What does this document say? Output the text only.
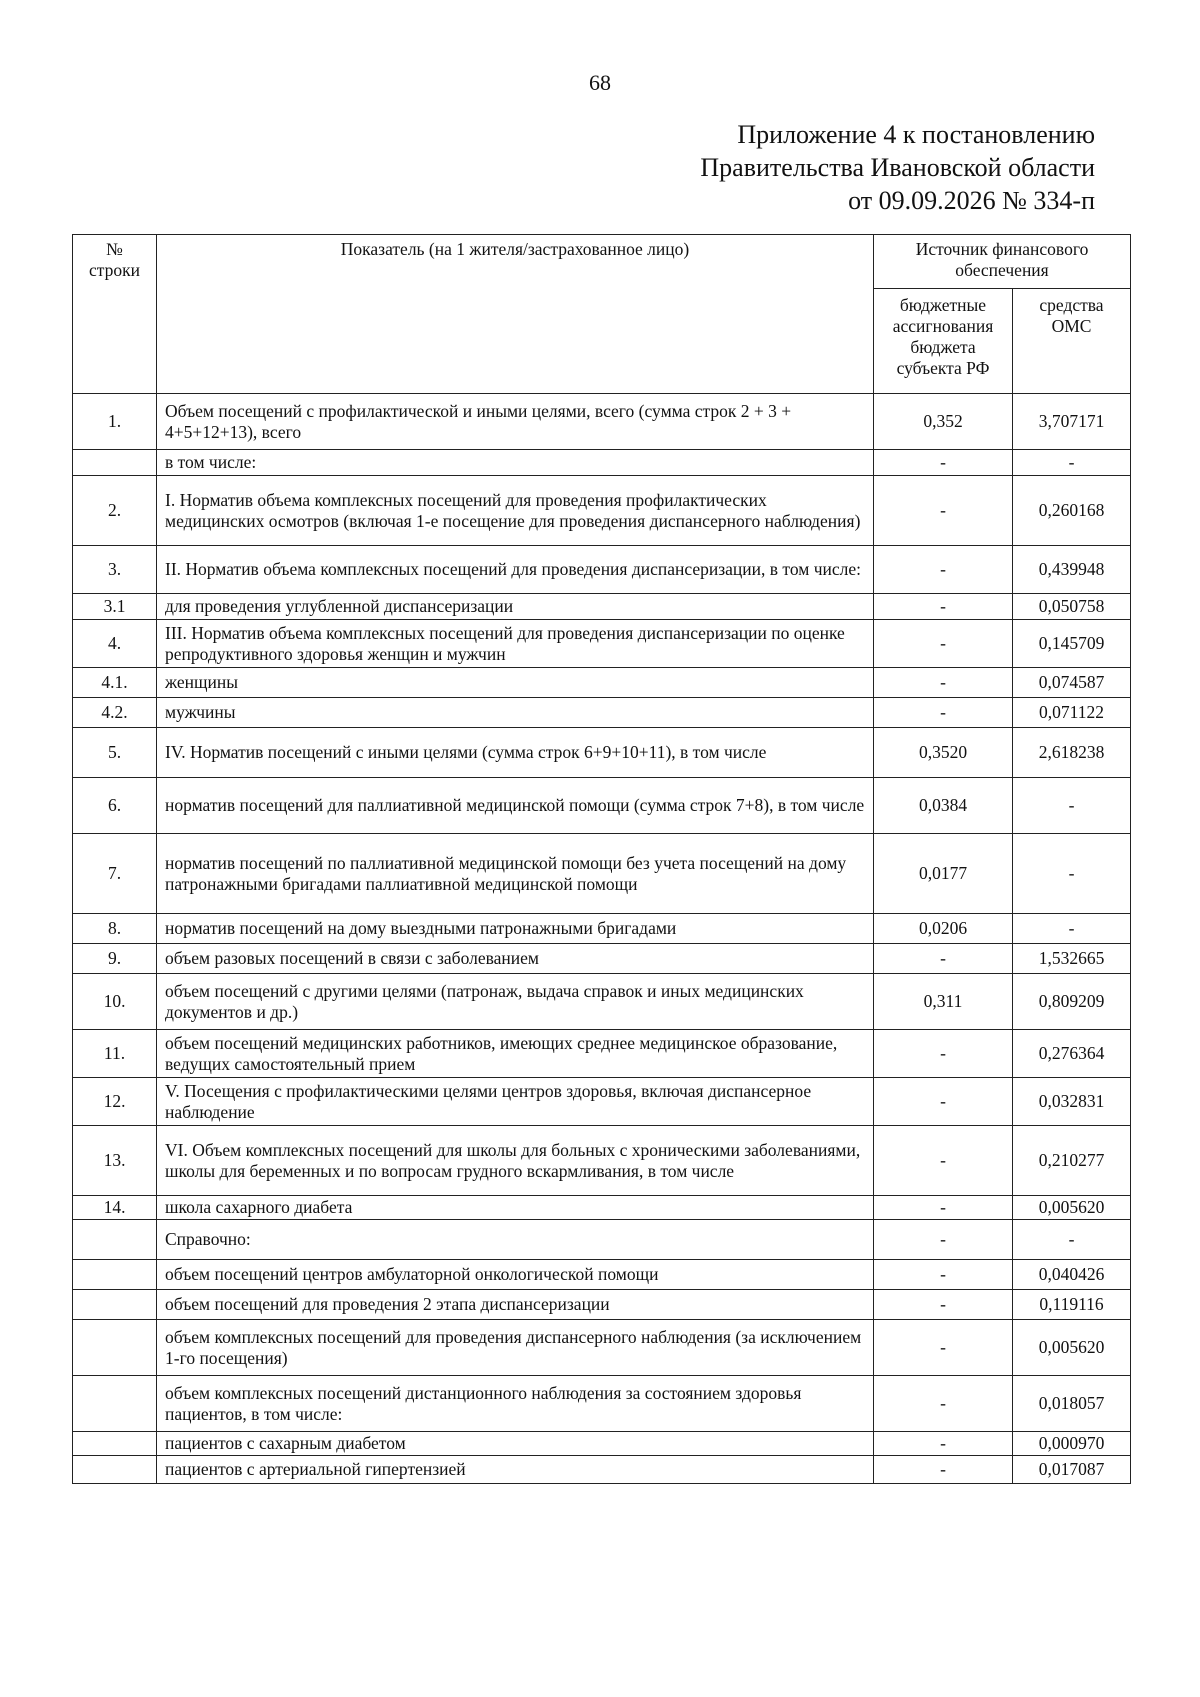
68
Приложение 4 к постановлению
Правительства Ивановской области
от 09.09.2026 № 334-п
№ строки	Показатель (на 1 жителя/застрахованное лицо)	Источник финансового обеспечения	
		бюджетные ассигнования бюджета субъекта РФ	средства ОМС
1.	Объем посещений с профилактической и иными целями, всего (сумма строк 2 + 3 + 4+5+12+13), всего	0,352	3,707171
	в том числе:	-	-
2.	I. Норматив объема комплексных посещений для проведения профилактических медицинских осмотров (включая 1-е посещение для проведения диспансерного наблюдения)	-	0,260168
3.	II. Норматив объема комплексных посещений для проведения диспансеризации, в том числе:	-	0,439948
3.1	для проведения углубленной диспансеризации	-	0,050758
4.	III. Норматив объема комплексных посещений для проведения диспансеризации по оценке репродуктивного здоровья женщин и мужчин	-	0,145709
4.1.	женщины	-	0,074587
4.2.	мужчины	-	0,071122
5.	IV. Норматив посещений с иными целями (сумма строк 6+9+10+11), в том числе	0,3520	2,618238
6.	норматив посещений для паллиативной медицинской помощи (сумма строк 7+8), в том числе	0,0384	-
7.	норматив посещений по паллиативной медицинской помощи без учета посещений на дому патронажными бригадами паллиативной медицинской помощи	0,0177	-
8.	норматив посещений на дому выездными патронажными бригадами	0,0206	-
9.	объем разовых посещений в связи с заболеванием	-	1,532665
10.	объем посещений с другими целями (патронаж, выдача справок и иных медицинских документов и др.)	0,311	0,809209
11.	объем посещений медицинских работников, имеющих среднее медицинское образование, ведущих самостоятельный прием	-	0,276364
12.	V. Посещения с профилактическими целями центров здоровья, включая диспансерное наблюдение	-	0,032831
13.	VI. Объем комплексных посещений для школы для больных с хроническими заболеваниями, школы для беременных и по вопросам грудного вскармливания, в том числе	-	0,210277
14.	школа сахарного диабета	-	0,005620
	Справочно:	-	-
	объем посещений центров амбулаторной онкологической помощи	-	0,040426
	объем посещений для проведения 2 этапа диспансеризации	-	0,119116
	объем комплексных посещений для проведения диспансерного наблюдения (за исключением 1-го посещения)	-	0,005620
	объем комплексных посещений дистанционного наблюдения за состоянием здоровья пациентов, в том числе:	-	0,018057
	пациентов с сахарным диабетом	-	0,000970
	пациентов с артериальной гипертензией	-	0,017087
